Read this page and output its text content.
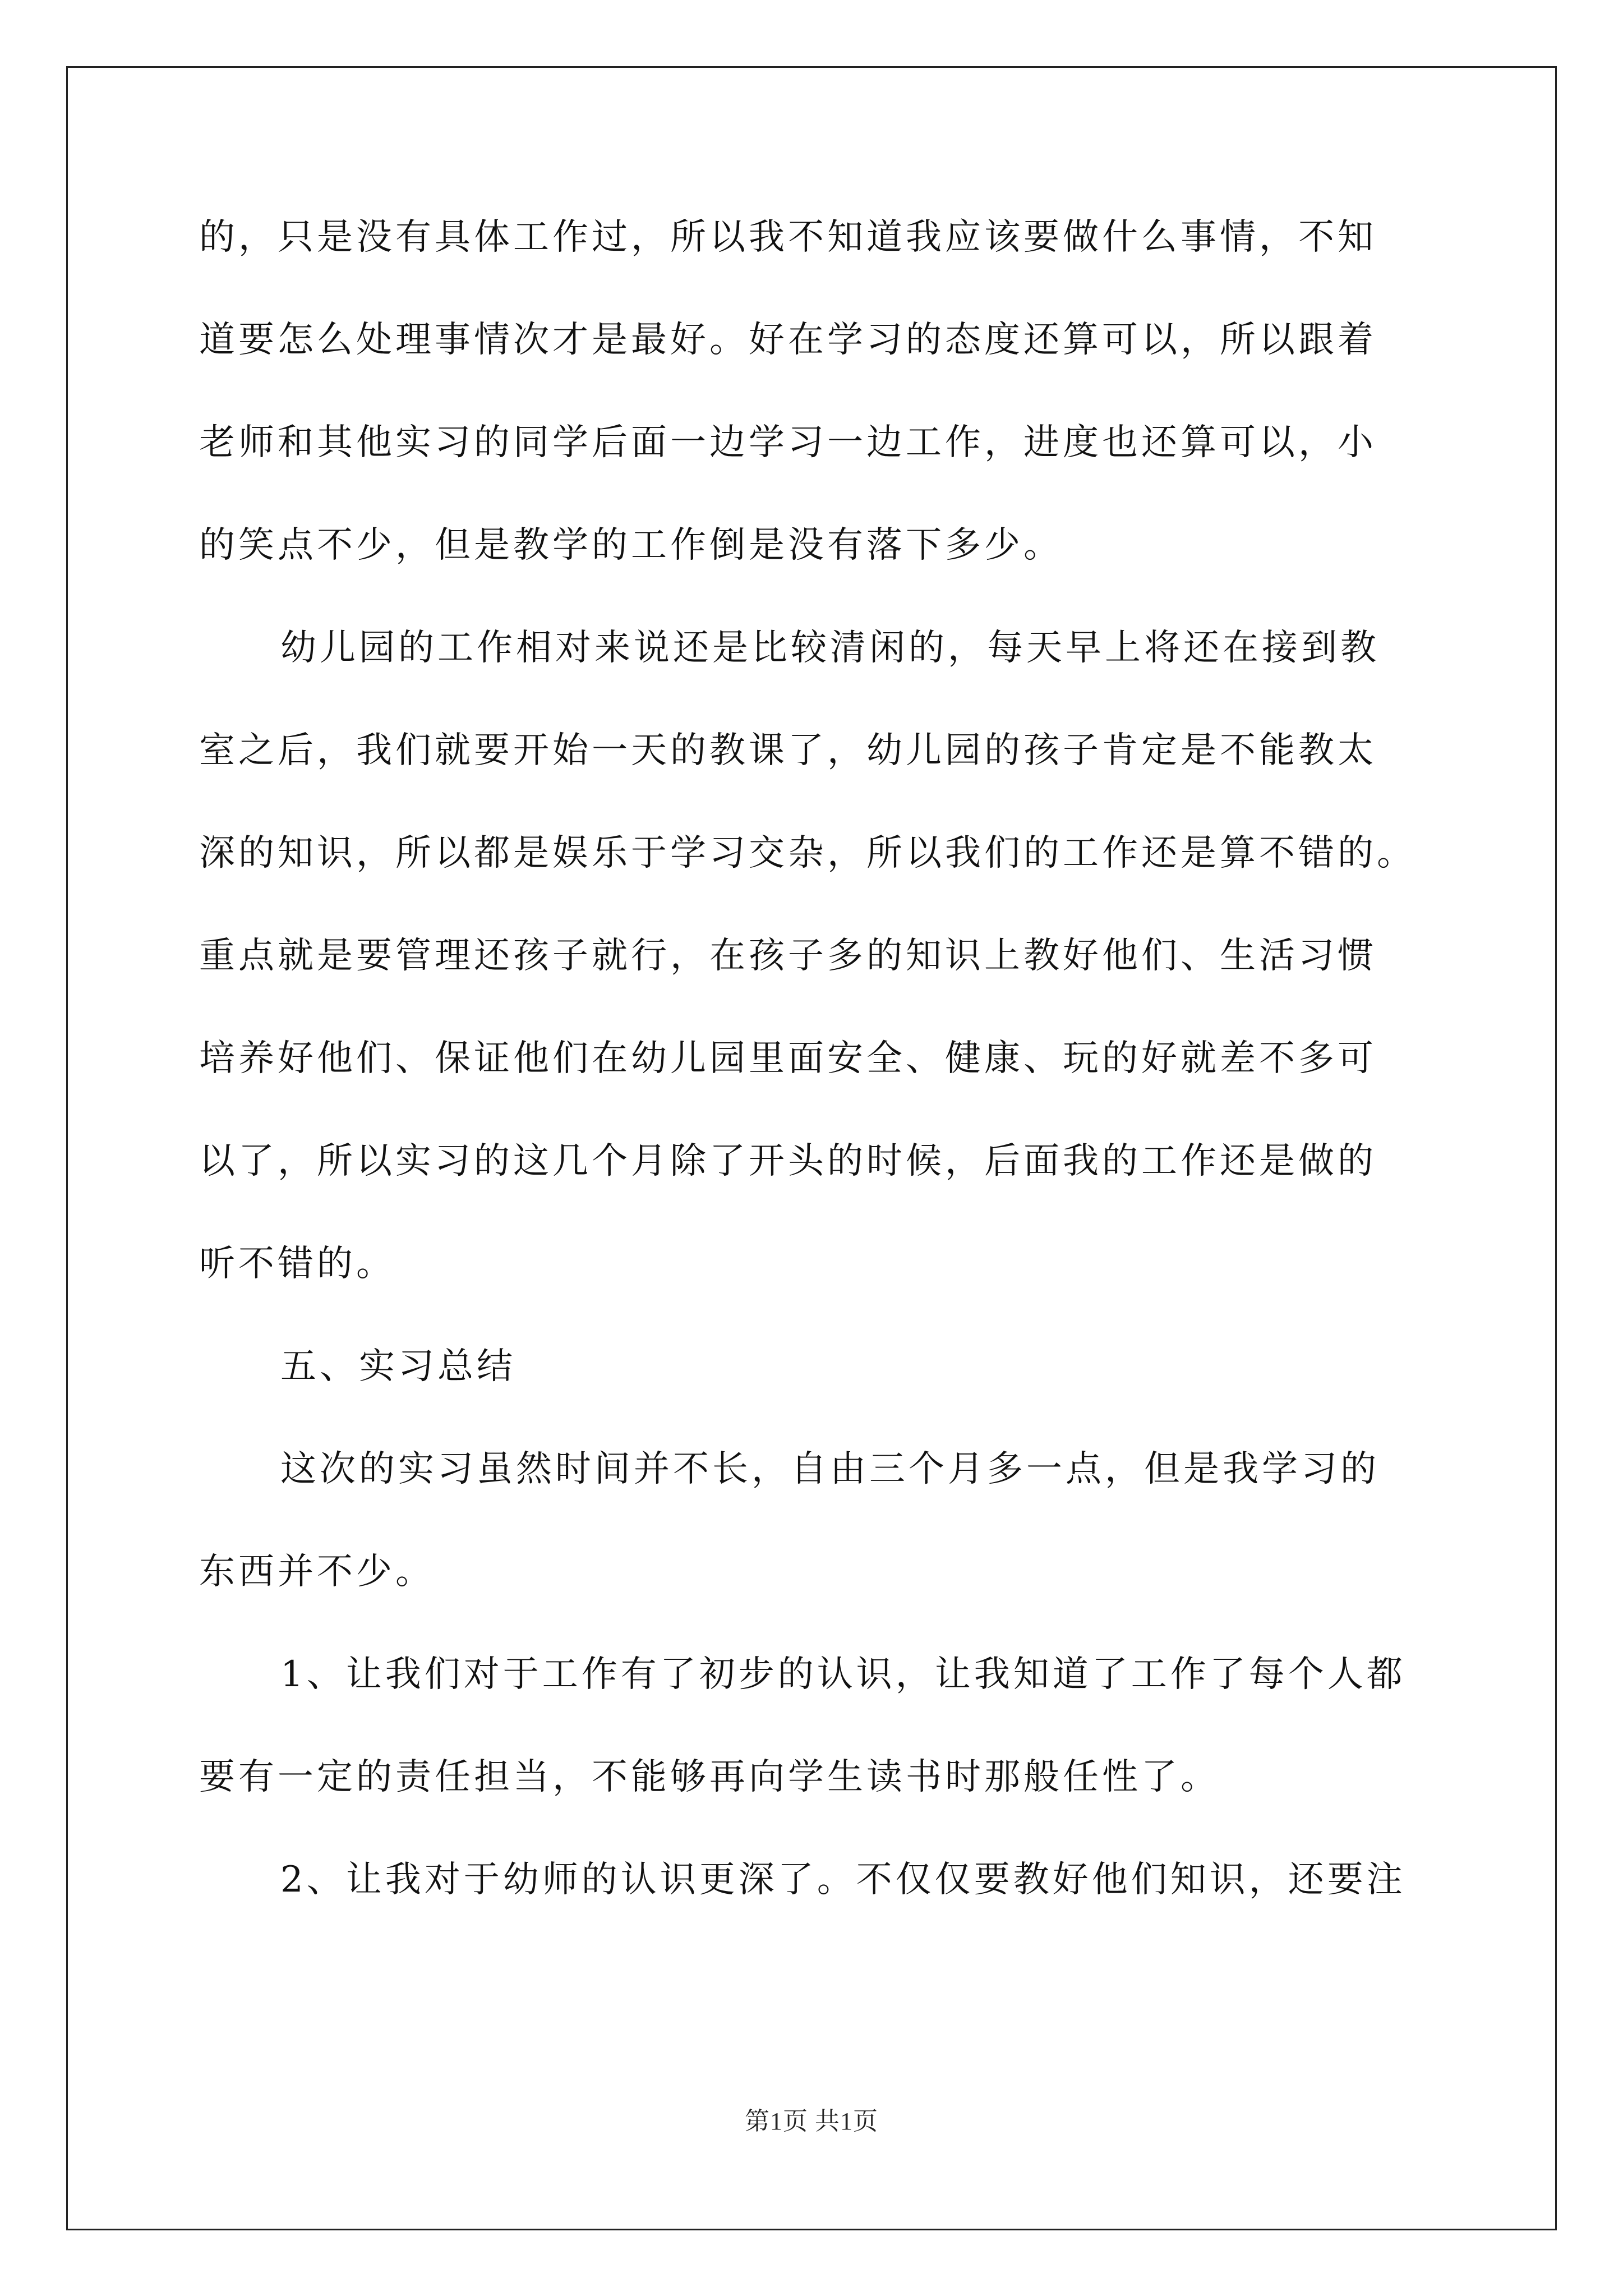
的，只是没有具体工作过，所以我不知道我应该要做什么事情，不知
道要怎么处理事情次才是最好。好在学习的态度还算可以，所以跟着
老师和其他实习的同学后面一边学习一边工作，进度也还算可以，小
的笑点不少，但是教学的工作倒是没有落下多少。
幼儿园的工作相对来说还是比较清闲的，每天早上将还在接到教
室之后，我们就要开始一天的教课了，幼儿园的孩子肯定是不能教太
深的知识，所以都是娱乐于学习交杂，所以我们的工作还是算不错的。
重点就是要管理还孩子就行，在孩子多的知识上教好他们、生活习惯
培养好他们、保证他们在幼儿园里面安全、健康、玩的好就差不多可
以了，所以实习的这几个月除了开头的时候，后面我的工作还是做的
听不错的。
五、实习总结
这次的实习虽然时间并不长，自由三个月多一点，但是我学习的
东西并不少。
1、让我们对于工作有了初步的认识，让我知道了工作了每个人都
要有一定的责任担当，不能够再向学生读书时那般任性了。
2、让我对于幼师的认识更深了。不仅仅要教好他们知识，还要注
第1页 共1页
